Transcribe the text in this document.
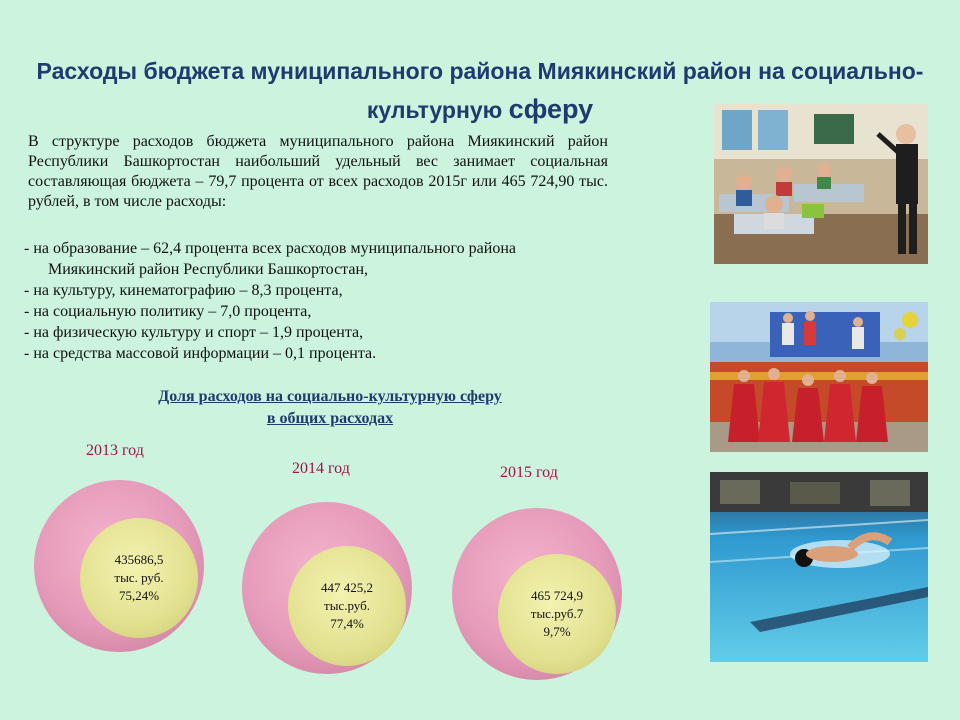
Расходы бюджета муниципального района Миякинский район на социально-
культурную сферу
В структуре расходов бюджета муниципального района Миякинский район Республики Башкортостан наибольший удельный вес занимает социальная составляющая бюджета – 79,7 процента от всех расходов 2015г или 465 724,90 тыс. рублей, в том числе расходы:
- на образование – 62,4 процента всех расходов муниципального района
Миякинский район Республики Башкортостан,
- на культуру, кинематографию – 8,3 процента,
- на социальную политику – 7,0 процента,
- на физическую культуру и спорт – 1,9 процента,
- на средства массовой информации – 0,1 процента.
Доля расходов на социально-культурную сферу
в общих расходах
2013 год
435686,5
тыс. руб.
75,24%
2014 год
447 425,2
тыс.руб.
77,4%
2015 год
465 724,9
тыс.руб.7
9,7%
